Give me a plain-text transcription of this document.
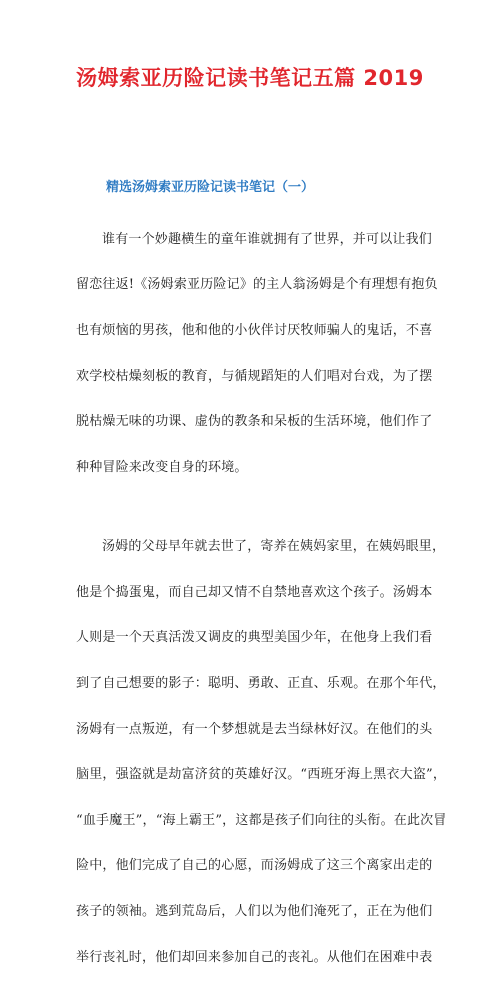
汤姆索亚历险记读书笔记五篇 2019
精选汤姆索亚历险记读书笔记（一）

谁有一个妙趣横生的童年谁就拥有了世界，并可以让我们

留恋往返!《汤姆索亚历险记》的主人翁汤姆是个有理想有抱负

也有烦恼的男孩，他和他的小伙伴讨厌牧师骗人的鬼话，不喜

欢学校枯燥刻板的教育，与循规蹈矩的人们唱对台戏，为了摆

脱枯燥无味的功课、虚伪的教条和呆板的生活环境，他们作了

种种冒险来改变自身的环境。

汤姆的父母早年就去世了，寄养在姨妈家里，在姨妈眼里，

他是个捣蛋鬼，而自己却又情不自禁地喜欢这个孩子。汤姆本

人则是一个天真活泼又调皮的典型美国少年，在他身上我们看

到了自己想要的影子：聪明、勇敢、正直、乐观。在那个年代，

汤姆有一点叛逆，有一个梦想就是去当绿林好汉。在他们的头

脑里，强盗就是劫富济贫的英雄好汉。“西班牙海上黑衣大盗”，

“血手魔王”，“海上霸王”，这都是孩子们向往的头衔。在此次冒

险中，他们完成了自己的心愿，而汤姆成了这三个离家出走的

孩子的领袖。逃到荒岛后，人们以为他们淹死了，正在为他们

举行丧礼时，他们却回来参加自己的丧礼。从他们在困难中表
